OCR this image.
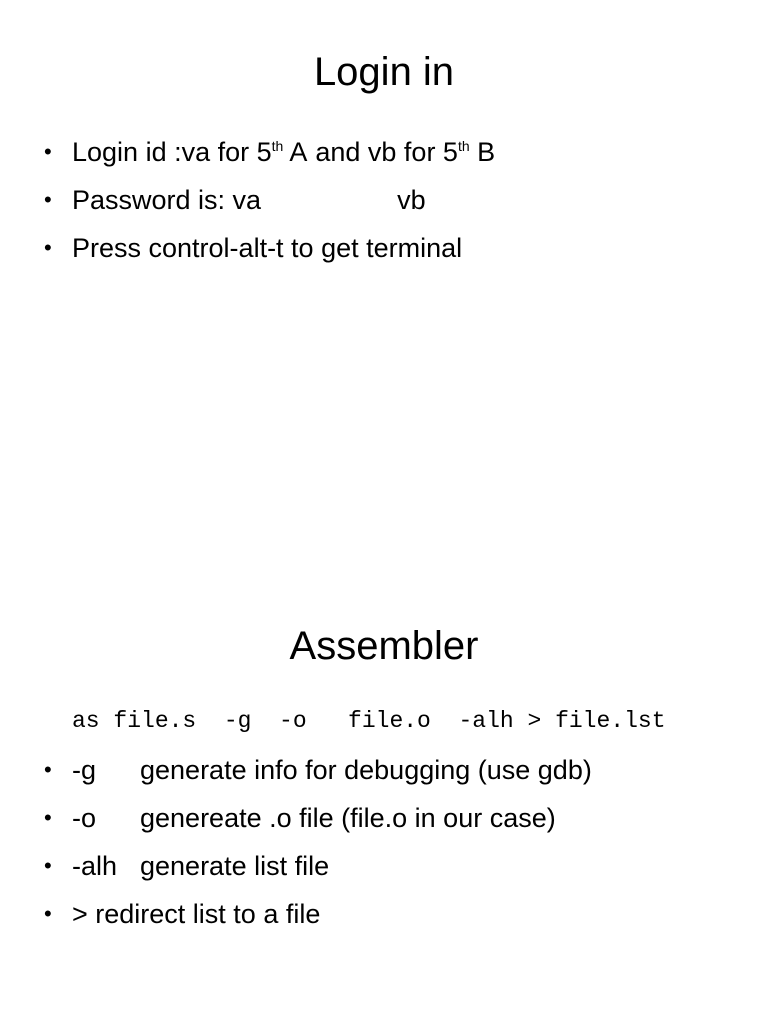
Login in
• Login id :va for 5th A and vb for 5th B
• Password is: va	vb
• Press control-alt-t to get terminal
Assembler
as file.s  -g  -o   file.o  -alh > file.lst
• -g generate info for debugging (use gdb)
• -o genereate .o file (file.o in our case)
• -alh generate list file
• > redirect list to a file
